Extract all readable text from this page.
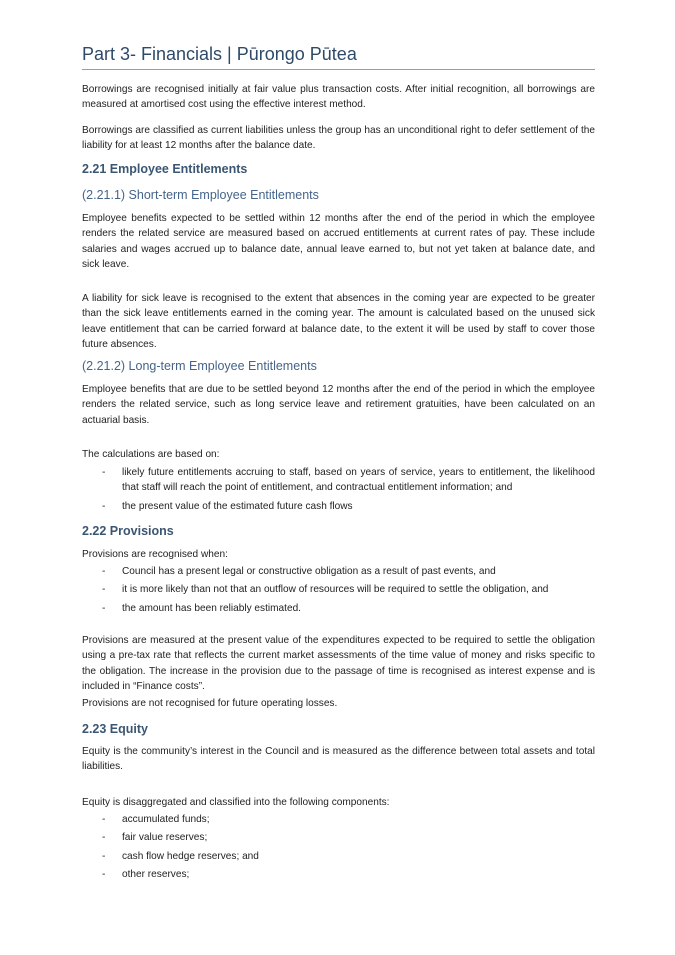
Part 3- Financials | Pūrongo Pūtea
Borrowings are recognised initially at fair value plus transaction costs. After initial recognition, all borrowings are measured at amortised cost using the effective interest method.
Borrowings are classified as current liabilities unless the group has an unconditional right to defer settlement of the liability for at least 12 months after the balance date.
2.21 Employee Entitlements
(2.21.1) Short-term Employee Entitlements
Employee benefits expected to be settled within 12 months after the end of the period in which the employee renders the related service are measured based on accrued entitlements at current rates of pay. These include salaries and wages accrued up to balance date, annual leave earned to, but not yet taken at balance date, and sick leave.
A liability for sick leave is recognised to the extent that absences in the coming year are expected to be greater than the sick leave entitlements earned in the coming year. The amount is calculated based on the unused sick leave entitlement that can be carried forward at balance date, to the extent it will be used by staff to cover those future absences.
(2.21.2) Long-term Employee Entitlements
Employee benefits that are due to be settled beyond 12 months after the end of the period in which the employee renders the related service, such as long service leave and retirement gratuities, have been calculated on an actuarial basis.
The calculations are based on:
- likely future entitlements accruing to staff, based on years of service, years to entitlement, the likelihood that staff will reach the point of entitlement, and contractual entitlement information; and
- the present value of the estimated future cash flows
2.22 Provisions
Provisions are recognised when:
- Council has a present legal or constructive obligation as a result of past events, and
- it is more likely than not that an outflow of resources will be required to settle the obligation, and
- the amount has been reliably estimated.
Provisions are measured at the present value of the expenditures expected to be required to settle the obligation using a pre-tax rate that reflects the current market assessments of the time value of money and risks specific to the obligation. The increase in the provision due to the passage of time is recognised as interest expense and is included in “Finance costs”.
Provisions are not recognised for future operating losses.
2.23 Equity
Equity is the community’s interest in the Council and is measured as the difference between total assets and total liabilities.
Equity is disaggregated and classified into the following components:
- accumulated funds;
- fair value reserves;
- cash flow hedge reserves; and
- other reserves;
